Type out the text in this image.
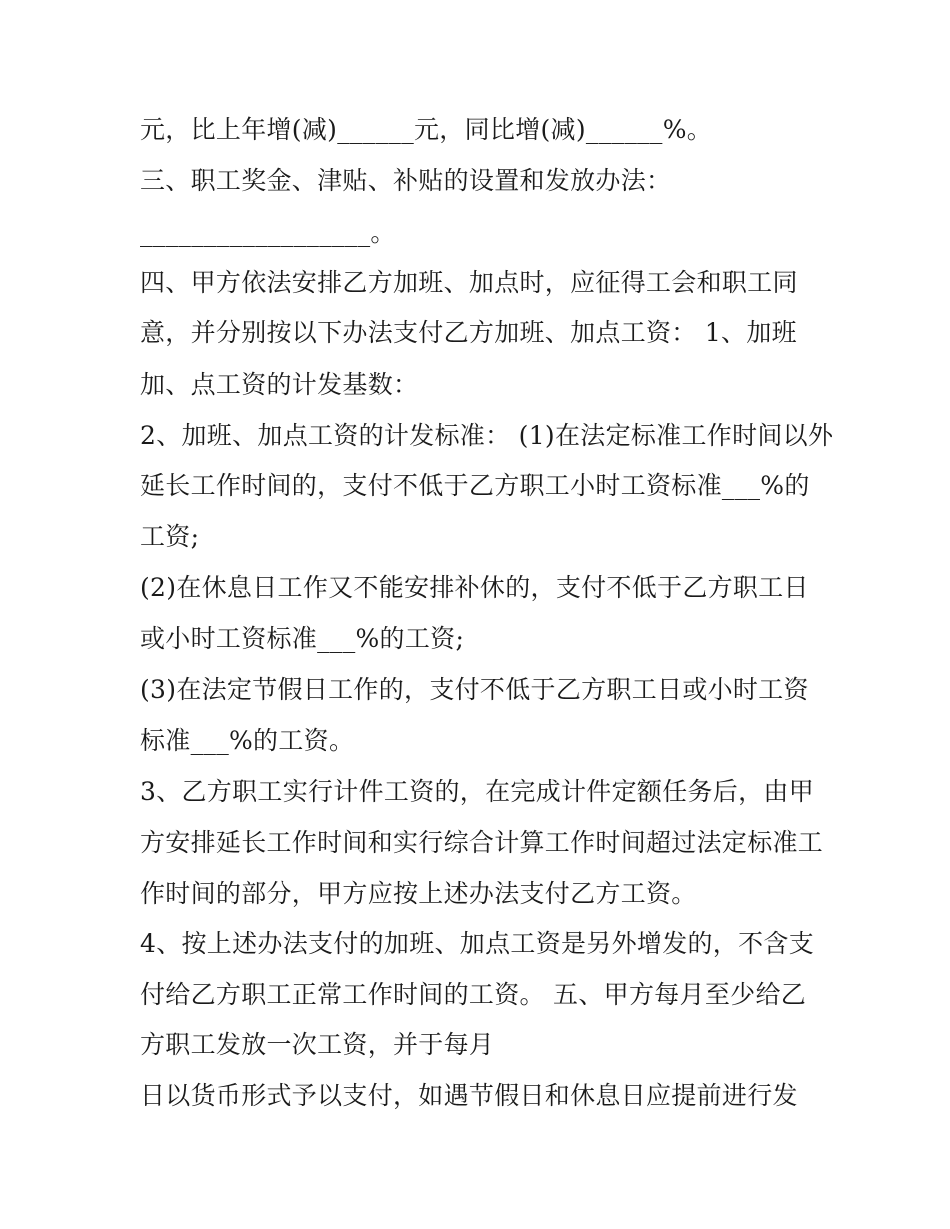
元，比上年增(减)______元，同比增(减)______%。
三、职工奖金、津贴、补贴的设置和发放办法：
__________________。
四、甲方依法安排乙方加班、加点时，应征得工会和职工同
意，并分别按以下办法支付乙方加班、加点工资： 1、加班
加、点工资的计发基数：
2、加班、加点工资的计发标准： (1)在法定标准工作时间以外
延长工作时间的，支付不低于乙方职工小时工资标准___%的
工资;
(2)在休息日工作又不能安排补休的，支付不低于乙方职工日
或小时工资标准___%的工资;
(3)在法定节假日工作的，支付不低于乙方职工日或小时工资
标准___%的工资。
3、乙方职工实行计件工资的，在完成计件定额任务后，由甲
方安排延长工作时间和实行综合计算工作时间超过法定标准工
作时间的部分，甲方应按上述办法支付乙方工资。
4、按上述办法支付的加班、加点工资是另外增发的，不含支
付给乙方职工正常工作时间的工资。 五、甲方每月至少给乙
方职工发放一次工资，并于每月
日以货币形式予以支付，如遇节假日和休息日应提前进行发
